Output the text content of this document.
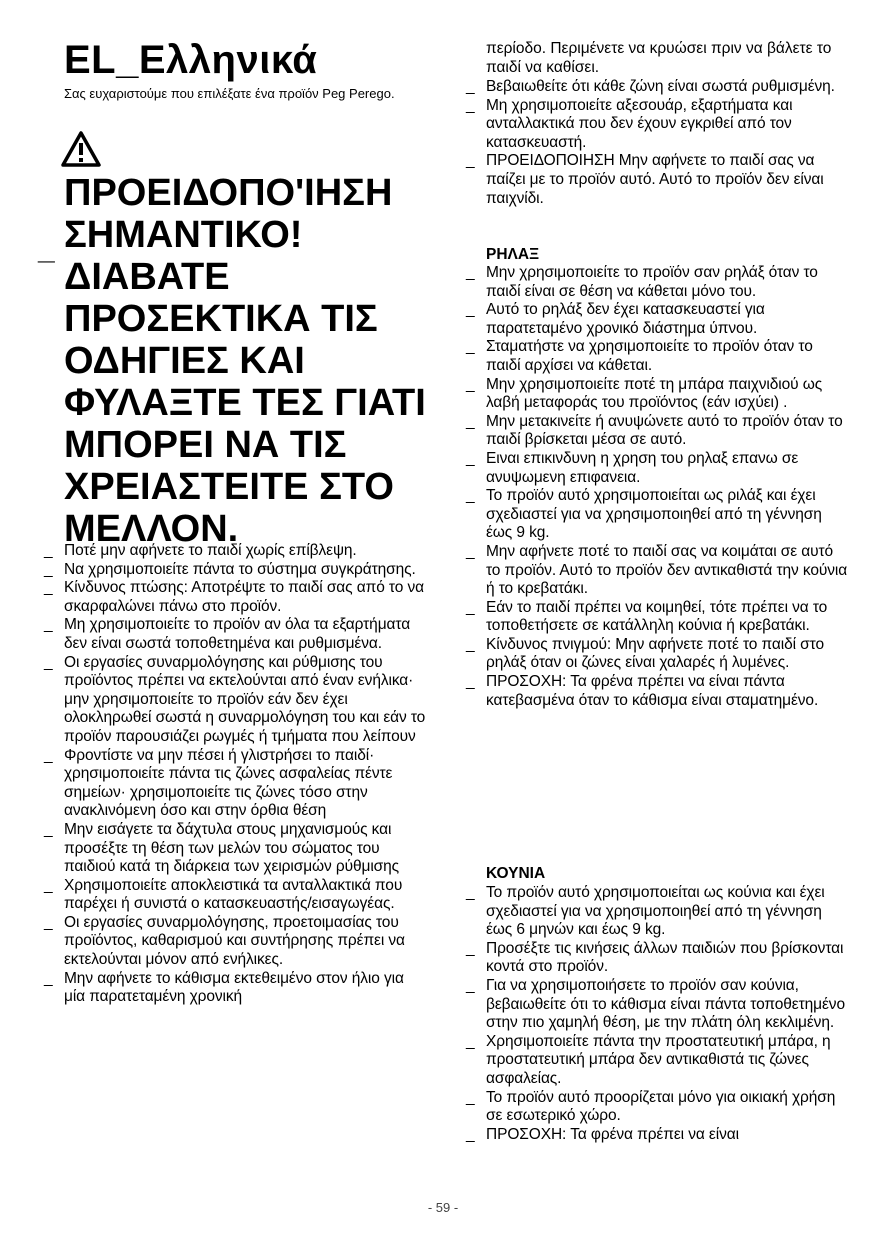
EL_Ελληνικά
Σας ευχαριστούμε που επιλέξατε ένα προϊόν Peg Perego.
ΠΡΟΕΙΔΟΠΟ'ΙΗΣΗ ΣΗΜΑΝΤΙΚΟ! ΔΙΑΒΑΤΕ ΠΡΟΣΕΚΤΙΚΑ ΤΙΣ ΟΔΗΓΙΕΣ ΚΑΙ ΦΥΛΑΞΤΕ ΤΕΣ ΓΙΑΤΙ ΜΠΟΡΕΙ ΝΑ ΤΙΣ ΧΡΕΙΑΣΤΕΙΤΕ ΣΤΟ ΜΕΛΛΟΝ.
_
_ Ποτέ μην αφήνετε το παιδί χωρίς επίβλεψη.
_ Να χρησιμοποιείτε πάντα το σύστημα συγκράτησης.
_ Κίνδυνος πτώσης: Αποτρέψτε το παιδί σας από το να σκαρφαλώνει πάνω στο προϊόν.
_ Μη χρησιμοποιείτε το προϊόν αν όλα τα εξαρτήματα δεν είναι σωστά τοποθετημένα και ρυθμισμένα.
_ Οι εργασίες συναρμολόγησης και ρύθμισης του προϊόντος πρέπει να εκτελούνται από έναν ενήλικα· μην χρησιμοποιείτε το προϊόν εάν δεν έχει ολοκληρωθεί σωστά η συναρμολόγηση του και εάν το προϊόν παρουσιάζει ρωγμές ή τμήματα που λείπουν
_ Φροντίστε να μην πέσει ή γλιστρήσει το παιδί· χρησιμοποιείτε πάντα τις ζώνες ασφαλείας πέντε σημείων· χρησιμοποιείτε τις ζώνες τόσο στην ανακλινόμενη όσο και στην όρθια θέση
_ Μην εισάγετε τα δάχτυλα στους μηχανισμούς και προσέξτε τη θέση των μελών του σώματος του παιδιού κατά τη διάρκεια των χειρισμών ρύθμισης
_ Χρησιμοποιείτε αποκλειστικά τα ανταλλακτικά που παρέχει ή συνιστά ο κατασκευαστής/εισαγωγέας.
_ Οι εργασίες συναρμολόγησης, προετοιμασίας του προϊόντος, καθαρισμού και συντήρησης πρέπει να εκτελούνται μόνον από ενήλικες.
_ Μην αφήνετε το κάθισμα εκτεθειμένο στον ήλιο για μία παρατεταμένη χρονική
περίοδο. Περιμένετε να κρυώσει πριν να βάλετε το παιδί να καθίσει.
_ Βεβαιωθείτε ότι κάθε ζώνη είναι σωστά ρυθμισμένη.
_ Μη χρησιμοποιείτε αξεσουάρ, εξαρτήματα και ανταλλακτικά που δεν έχουν εγκριθεί από τον κατασκευαστή.
_ ΠΡΟΕΙΔΟΠΟΙΗΣΗ Μην αφήνετε το παιδί σας να παίζει με το προϊόν αυτό. Αυτό το προϊόν δεν είναι παιχνίδι.
ΡΗΛΑΞ
_ Μην χρησιμοποιείτε το προϊόν σαν ρηλάξ όταν το παιδί είναι σε θέση να κάθεται μόνο του.
_ Αυτό το ρηλάξ δεν έχει κατασκευαστεί για παρατεταμένο χρονικό διάστημα ύπνου.
_ Σταματήστε να χρησιμοποιείτε το προϊόν όταν το παιδί αρχίσει να κάθεται.
_ Μην χρησιμοποιείτε ποτέ τη μπάρα παιχνιδιού ως λαβή μεταφοράς του προϊόντος (εάν ισχύει) .
_ Μην μετακινείτε ή ανυψώνετε αυτό το προϊόν όταν το παιδί βρίσκεται μέσα σε αυτό.
_ Ειναι επικινδυνη η χρηση του ρηλαξ επανω σε ανυψωμενη επιφανεια.
_ Το προϊόν αυτό χρησιμοποιείται ως ριλάξ και έχει σχεδιαστεί για να χρησιμοποιηθεί από τη γέννηση έως 9 kg.
_ Μην αφήνετε ποτέ το παιδί σας να κοιμάται σε αυτό το προϊόν. Αυτό το προϊόν δεν αντικαθιστά την κούνια ή το κρεβατάκι.
_ Εάν το παιδί πρέπει να κοιμηθεί, τότε πρέπει να το τοποθετήσετε σε κατάλληλη κούνια ή κρεβατάκι.
_ Κίνδυνος πνιγμού: Μην αφήνετε ποτέ το παιδί στο ρηλάξ όταν οι ζώνες είναι χαλαρές ή λυμένες.
_ ΠΡΟΣΟΧΗ: Τα φρένα πρέπει να είναι πάντα κατεβασμένα όταν το κάθισμα είναι σταματημένο.
ΚΟΥΝΙΑ
_ Το προϊόν αυτό χρησιμοποιείται ως κούνια και έχει σχεδιαστεί για να χρησιμοποιηθεί από τη γέννηση έως 6 μηνών και έως 9 kg.
_ Προσέξτε τις κινήσεις άλλων παιδιών που βρίσκονται κοντά στο προϊόν.
_ Για να χρησιμοποιήσετε το προϊόν σαν κούνια, βεβαιωθείτε ότι το κάθισμα είναι πάντα τοποθετημένο στην πιο χαμηλή θέση, με την πλάτη όλη κεκλιμένη.
_ Χρησιμοποιείτε πάντα την προστατευτική μπάρα, η προστατευτική μπάρα δεν αντικαθιστά τις ζώνες ασφαλείας.
_ Το προϊόν αυτό προορίζεται μόνο για οικιακή χρήση σε εσωτερικό χώρο.
_ ΠΡΟΣΟΧΗ: Τα φρένα πρέπει να είναι
- 59 -
